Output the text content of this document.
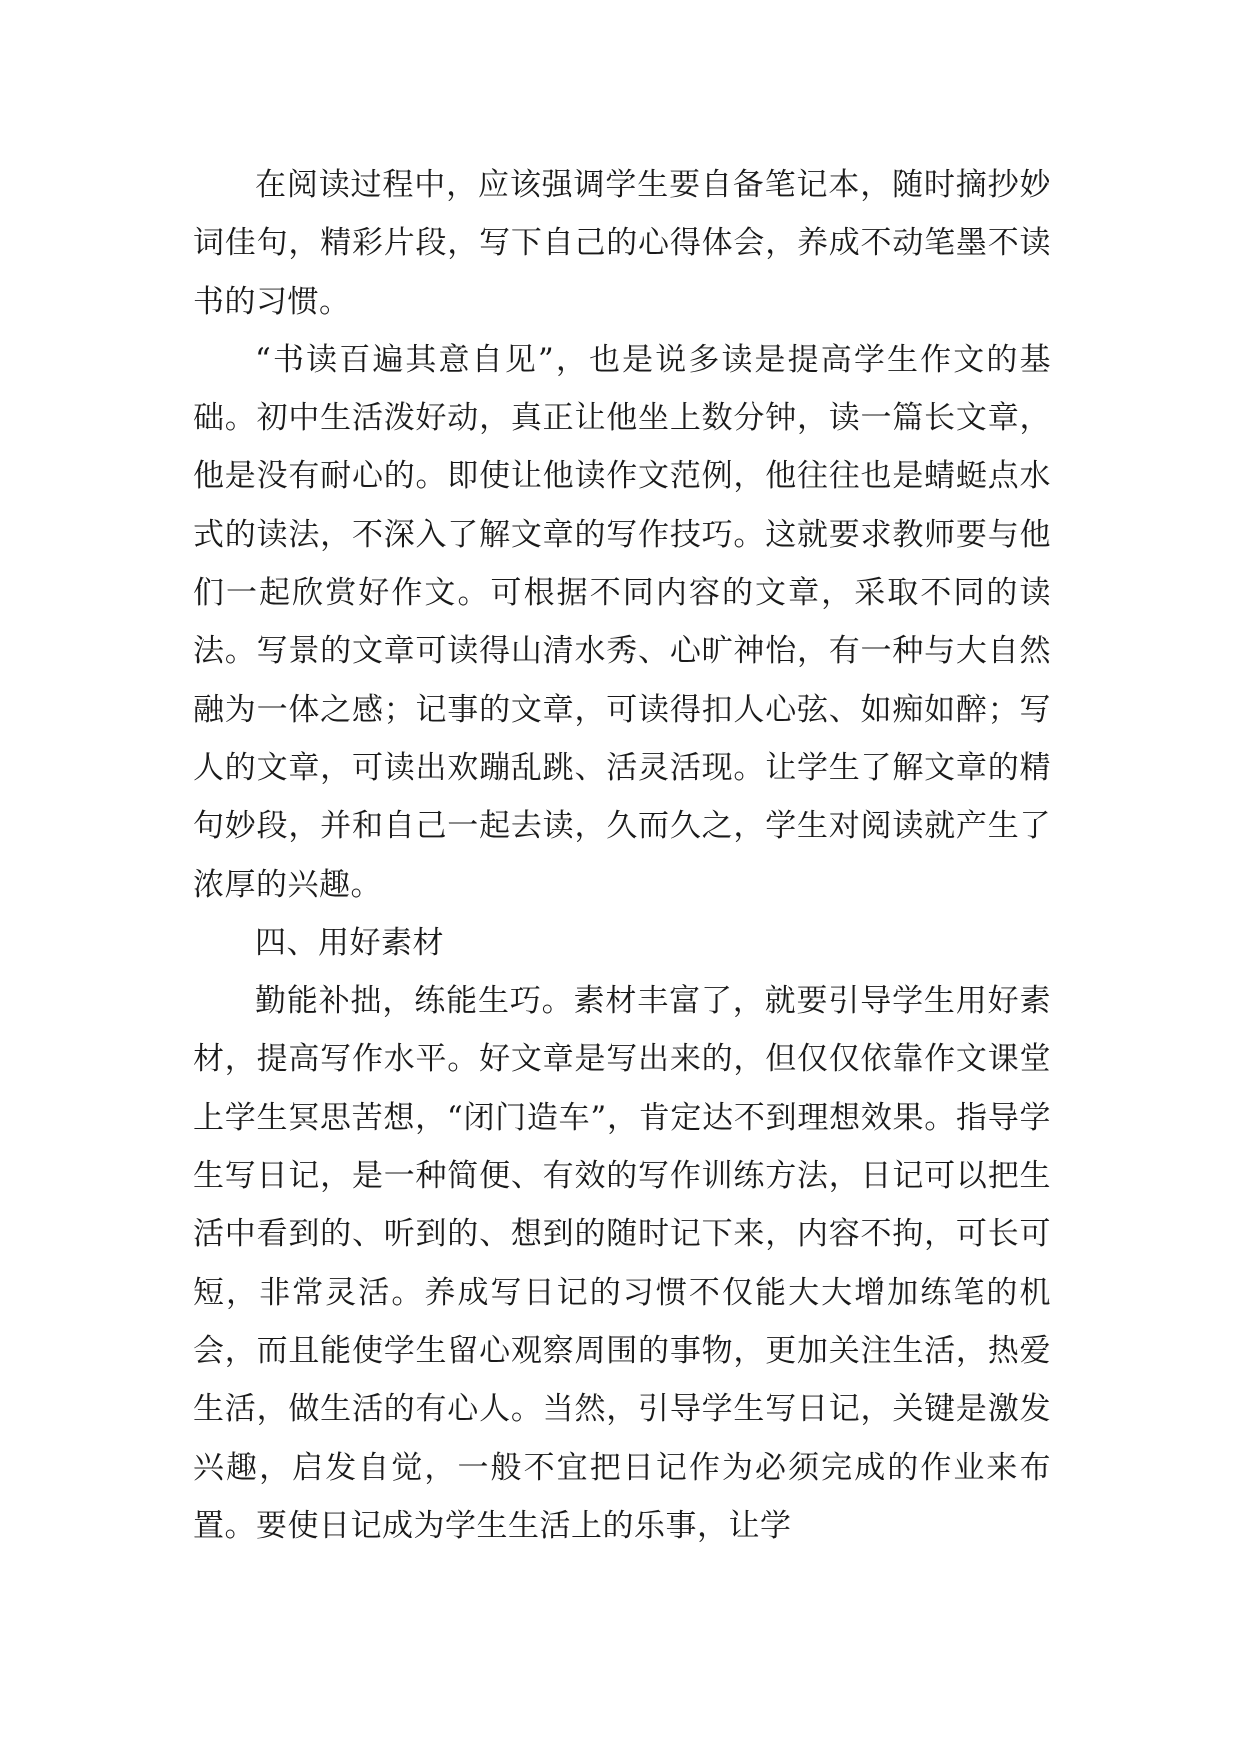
在阅读过程中，应该强调学生要自备笔记本，随时摘抄妙词佳句，精彩片段，写下自己的心得体会，养成不动笔墨不读书的习惯。

“书读百遍其意自见”，也是说多读是提高学生作文的基础。初中生活泼好动，真正让他坐上数分钟，读一篇长文章，他是没有耐心的。即使让他读作文范例，他往往也是蜻蜓点水式的读法，不深入了解文章的写作技巧。这就要求教师要与他们一起欣赏好作文。可根据不同内容的文章，采取不同的读法。写景的文章可读得山清水秀、心旷神怡，有一种与大自然融为一体之感；记事的文章，可读得扣人心弦、如痴如醉；写人的文章，可读出欢蹦乱跳、活灵活现。让学生了解文章的精句妙段，并和自己一起去读，久而久之，学生对阅读就产生了浓厚的兴趣。

四、用好素材

勤能补拙，练能生巧。素材丰富了，就要引导学生用好素材，提高写作水平。好文章是写出来的，但仅仅依靠作文课堂上学生冥思苦想，“闭门造车”，肯定达不到理想效果。指导学生写日记，是一种简便、有效的写作训练方法，日记可以把生活中看到的、听到的、想到的随时记下来，内容不拘，可长可短，非常灵活。养成写日记的习惯不仅能大大增加练笔的机会，而且能使学生留心观察周围的事物，更加关注生活，热爱生活，做生活的有心人。当然，引导学生写日记，关键是激发兴趣，启发自觉，一般不宜把日记作为必须完成的作业来布置。要使日记成为学生生活上的乐事，让学
